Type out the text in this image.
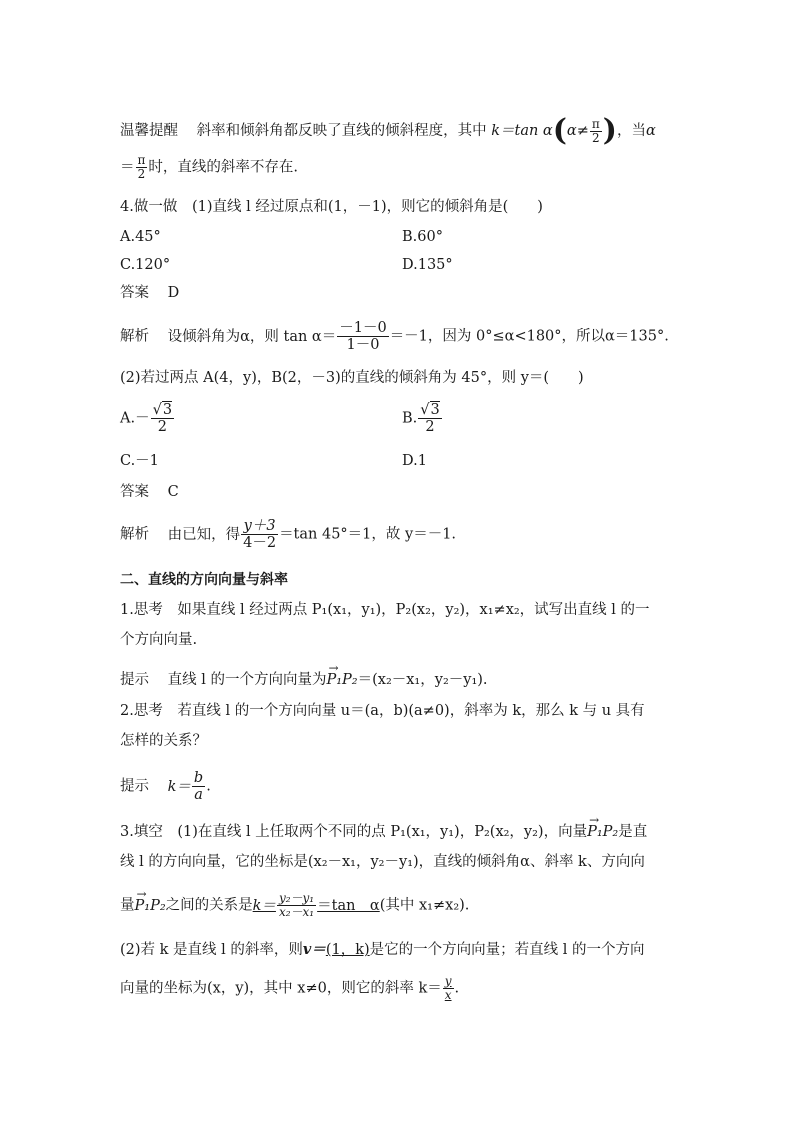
温馨提醒 斜率和倾斜角都反映了直线的倾斜程度，其中 k＝tan $\alpha(\alpha\ne \frac{\pi}{2}$ )，当α
＝ $\frac{\pi}{2}$ 时，直线的斜率不存在.
4.做一做 (1)直线 l 经过原点和(1，－1)，则它的倾斜角是(　　)
A.45°	B.60°
C.120°	D.135°
答案 D
解析 设倾斜角为α，则 $\tan \alpha= \frac{-1-0}{1-0} =-1$，因为 0°≤α<180°，所以α＝135°.
(2)若过两点 A(4，y)，B(2，－3)的直线的倾斜角为 45°，则 y＝(　　)
$A.- \frac{√3}{2}$	B. $\frac{√3}{2}$
C.－1	D.1
答案 C
解析 由已知，得 $\frac{y+3}{4-2} =\tan$ 45°＝1，故 y＝－1.
二、直线的方向向量与斜率
1.思考　如果直线 l 经过两点 P₁(x₁，y₁)，P₂(x₂，y₂)，x₁≠x₂，试写出直线 l 的一
个方向向量.
提示 直线 l 的一个方向向量为→ P₁P₂＝(x₂－x₁，y₂－y₁).
2.思考　若直线 l 的一个方向向量 u＝(a，b)(a≠0)，斜率为 k，那么 k 与 u 具有
怎样的关系？
提示 $k= \frac{b}{a}$ .
3.填空　(1)在直线 l 上任取两个不同的点 P₁(x₁，y₁)，P₂(x₂，y₂)，向量→ P₁P₂是直
线 l 的方向向量，它的坐标是(x₂－x₁，y₂－y₁)，直线的倾斜角α、斜率 k、方向向
量→ P₁P₂之间的关系是$k= \frac{\text{y₂－y₁}}{\text{x₂－x₁}} =\tan$　α(其中 x₁≠x₂).
(2)若 k 是直线 l 的斜率，则v＝(1，k)是它的一个方向向量；若直线 l 的一个方向
向量的坐标为(x，y)，其中 x≠0，则它的斜率 $k= \frac{y}{x}$ .
